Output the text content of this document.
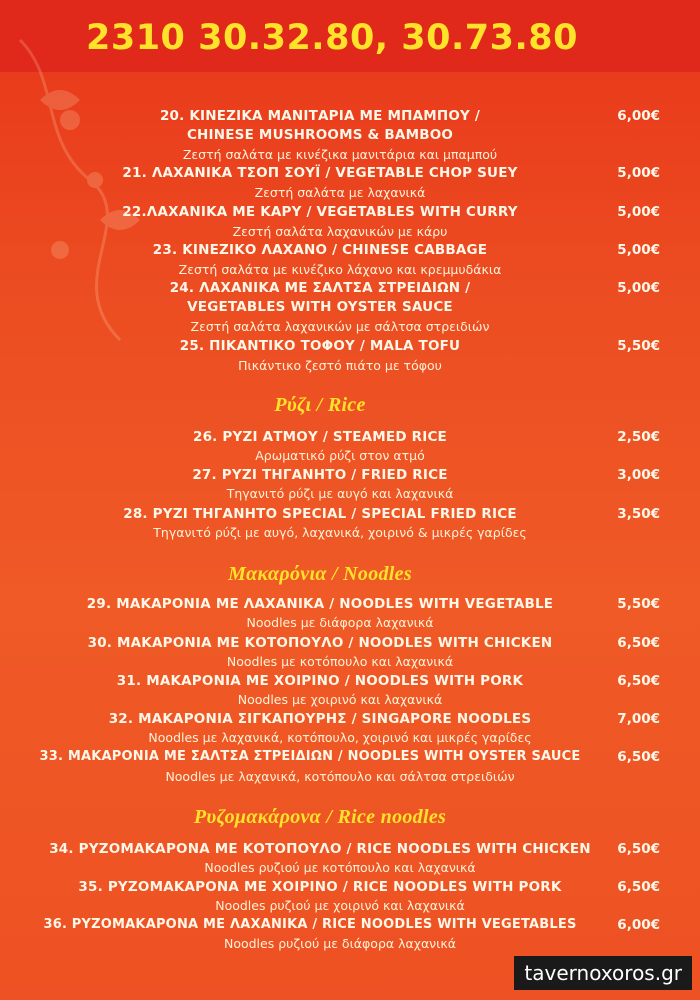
2310 30.32.80, 30.73.80
20. ΚΙΝΕΖΙΚΑ ΜΑΝΙΤΑΡΙΑ ΜΕ ΜΠΑΜΠΟΥ /	6,00€
CHINESE MUSHROOMS & BAMBOO
Ζεστή σαλάτα με κινέζικα μανιτάρια και μπαμπού
21. ΛΑΧΑΝΙΚΑ ΤΣΟΠ ΣΟΥΪ / VEGETABLE CHOP SUEY	5,00€
Ζεστή σαλάτα με λαχανικά
22.ΛΑΧΑΝΙΚΑ ΜΕ ΚΑΡΥ / VEGETABLES WITH CURRY	5,00€
Ζεστή σαλάτα λαχανικών με κάρυ
23. ΚΙΝΕΖΙΚΟ ΛΑΧΑΝΟ / CHINESE CABBAGE	5,00€
Ζεστή σαλάτα με κινέζικο λάχανο και κρεμμυδάκια
24. ΛΑΧΑΝΙΚΑ ΜΕ ΣΑΛΤΣΑ ΣΤΡΕΙΔΙΩΝ /	5,00€
VEGETABLES WITH OYSTER SAUCE
Ζεστή σαλάτα λαχανικών με σάλτσα στρειδιών
25. ΠΙΚΑΝΤΙΚΟ ΤΟΦΟΥ / MALA TOFU	5,50€
Πικάντικο ζεστό πιάτο με τόφου
Ρύζι / Rice
26. ΡΥΖΙ ΑΤΜΟΥ / STEAMED RICE	2,50€
Αρωματικό ρύζι στον ατμό
27. ΡΥΖΙ ΤΗΓΑΝΗΤΟ / FRIED RICE	3,00€
Τηγανιτό ρύζι με αυγό και λαχανικά
28. ΡΥΖΙ ΤΗΓΑΝΗΤΟ SPECIAL / SPECIAL FRIED RICE	3,50€
Τηγανιτό ρύζι με αυγό, λαχανικά, χοιρινό & μικρές γαρίδες
Μακαρόνια / Noodles
29. ΜΑΚΑΡΟΝΙΑ ΜΕ ΛΑΧΑΝΙΚΑ / NOODLES WITH VEGETABLE	5,50€
Noodles με διάφορα λαχανικά
30. ΜΑΚΑΡΟΝΙΑ ΜΕ ΚΟΤΟΠΟΥΛΟ / NOODLES WITH CHICKEN	6,50€
Noodles με κοτόπουλο και λαχανικά
31. ΜΑΚΑΡΟΝΙΑ ΜΕ ΧΟΙΡΙΝΟ / NOODLES WITH PORK	6,50€
Noodles με χοιρινό και λαχανικά
32. ΜΑΚΑΡΟΝΙΑ ΣΙΓΚΑΠΟΥΡΗΣ / SINGAPORE NOODLES	7,00€
Noodles με λαχανικά, κοτόπουλο, χοιρινό και μικρές γαρίδες
33. ΜΑΚΑΡΟΝΙΑ ΜΕ ΣΑΛΤΣΑ ΣΤΡΕΙΔΙΩΝ / NOODLES WITH OYSTER SAUCE	6,50€
Noodles με λαχανικά, κοτόπουλο και σάλτσα στρειδιών
Ρυζομακάρονα / Rice noodles
34. ΡΥΖΟΜΑΚΑΡΟΝΑ ΜΕ ΚΟΤΟΠΟΥΛΟ / RICE NOODLES WITH CHICKEN	6,50€
Noodles ρυζιού με κοτόπουλο και λαχανικά
35. ΡΥΖΟΜΑΚΑΡΟΝΑ ΜΕ ΧΟΙΡΙΝΟ / RICE NOODLES WITH PORK	6,50€
Noodles ρυζιού με χοιρινό και λαχανικά
36. ΡΥΖΟΜΑΚΑΡΟΝΑ ΜΕ ΛΑΧΑΝΙΚΑ / RICE NOODLES WITH VEGETABLES	6,00€
Noodles ρυζιού με διάφορα λαχανικά
tavernoxoros.gr
